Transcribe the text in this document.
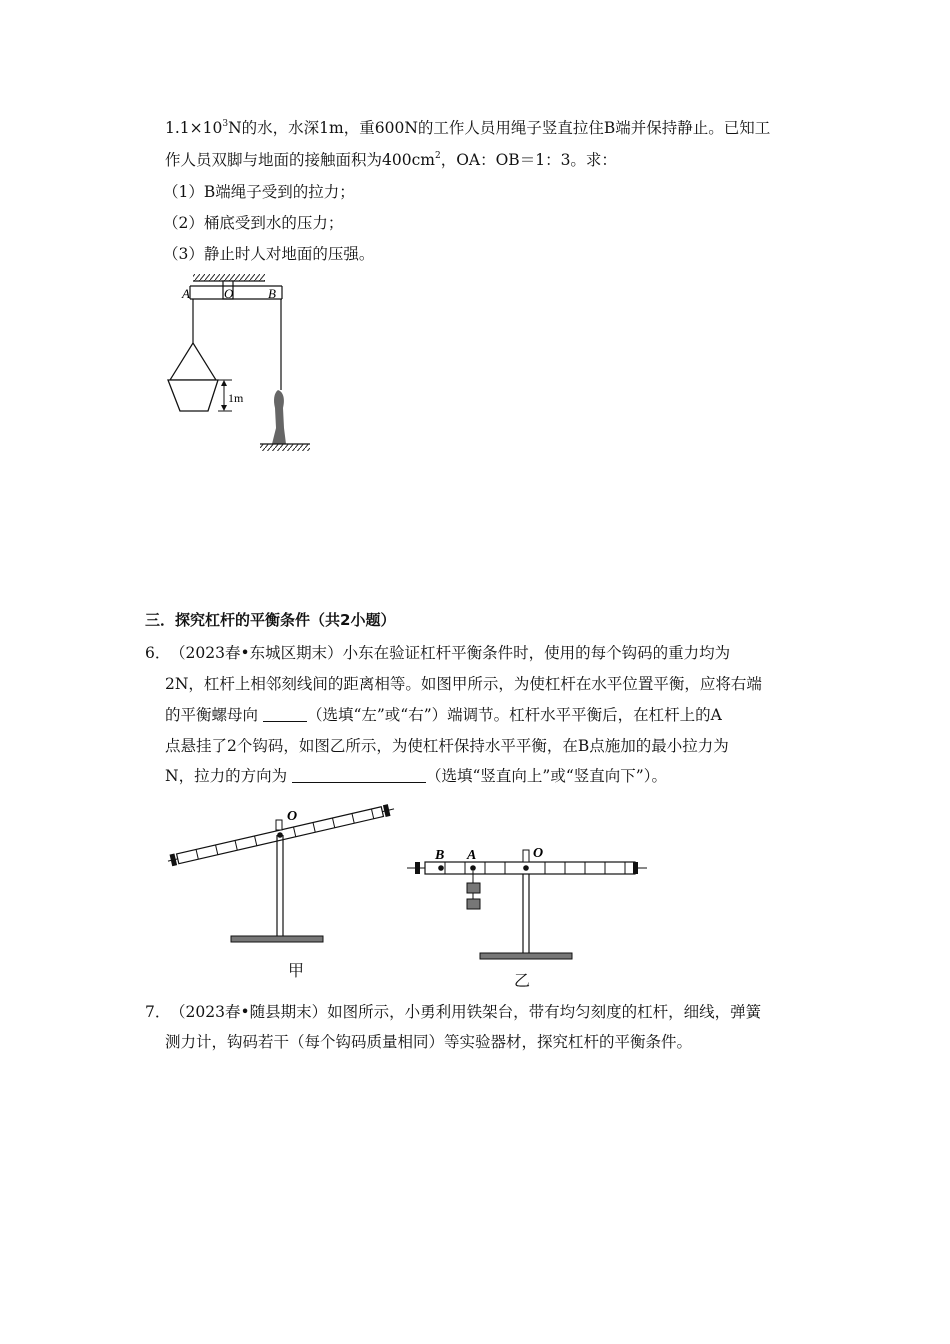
$1.1\times 10^3N$的水，水深1m，重600N的工作人员用绳子竖直拉住B端并保持静止。已知工
作人员双脚与地面的接触面积为$400cm^2$，OA：OB＝1：3。求：
（1）B端绳子受到的拉力；
（2）桶底受到水的压力；
（3）静止时人对地面的压强。
A	O	B
1m
三．探究杠杆的平衡条件（共2小题）
6． （2023春•东城区期末）小东在验证杠杆平衡条件时，使用的每个钩码的重力均为
2N，杠杆上相邻刻线间的距离相等。如图甲所示，为使杠杆在水平位置平衡，应将右端
的平衡螺母向	（选填“左”或“右”）端调节。杠杆水平平衡后，在杠杆上的A
点悬挂了2个钩码，如图乙所示，为使杠杆保持水平平衡，在B点施加的最小拉力为
N，拉力的方向为	（选填“竖直向上”或“竖直向下”）。
O
甲
B A	O
乙
7． （2023春•随县期末）如图所示，小勇利用铁架台，带有均匀刻度的杠杆，细线，弹簧
测力计，钩码若干（每个钩码质量相同）等实验器材，探究杠杆的平衡条件。
